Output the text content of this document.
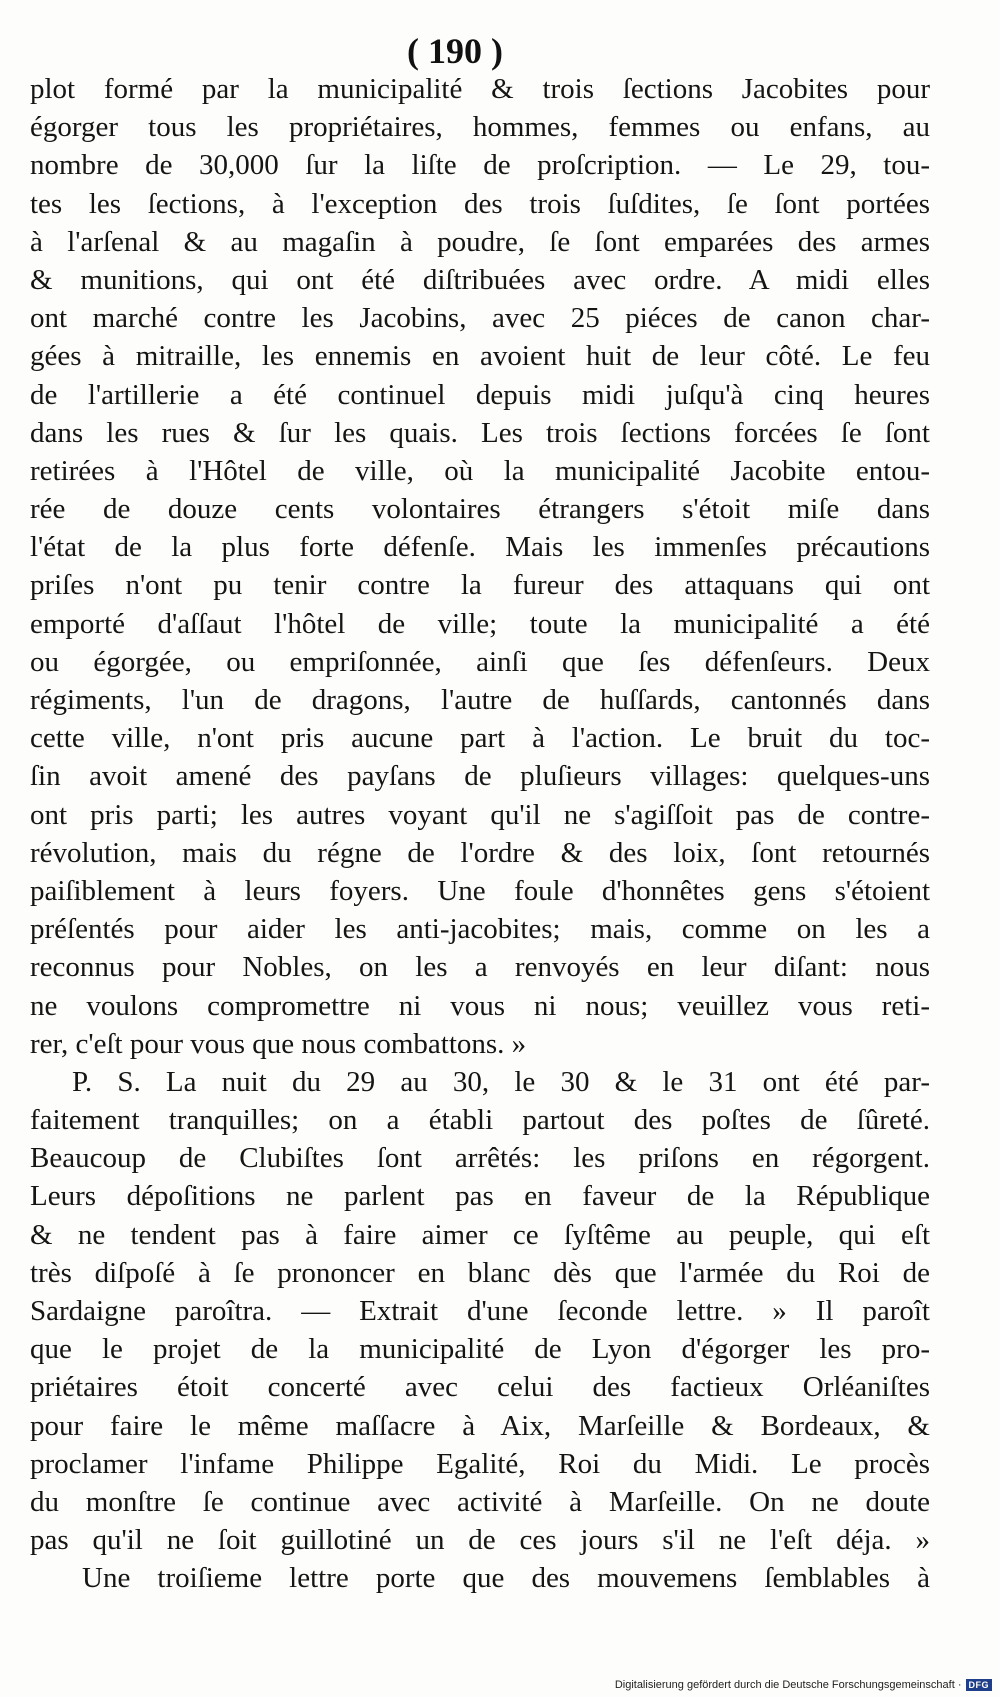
( 190 )
plot formé par la municipalité & trois ſections Jacobites pour
égorger tous les propriétaires, hommes, femmes ou enfans, au
nombre de 30,000 ſur la liſte de proſcription. — Le 29, tou-
tes les ſections, à l'exception des trois ſuſdites, ſe ſont portées
à l'arſenal & au magaſin à poudre, ſe ſont emparées des armes
& munitions, qui ont été diſtribuées avec ordre. A midi elles
ont marché contre les Jacobins, avec 25 piéces de canon char-
gées à mitraille, les ennemis en avoient huit de leur côté. Le feu
de l'artillerie a été continuel depuis midi juſqu'à cinq heures
dans les rues & ſur les quais. Les trois ſections forcées ſe ſont
retirées à l'Hôtel de ville, où la municipalité Jacobite entou-
rée de douze cents volontaires étrangers s'étoit miſe dans
l'état de la plus forte défenſe. Mais les immenſes précautions
priſes n'ont pu tenir contre la fureur des attaquans qui ont
emporté d'aſſaut l'hôtel de ville; toute la municipalité a été
ou égorgée, ou empriſonnée, ainſi que ſes défenſeurs. Deux
régiments, l'un de dragons, l'autre de huſſards, cantonnés dans
cette ville, n'ont pris aucune part à l'action. Le bruit du toc-
ſin avoit amené des payſans de pluſieurs villages: quelques-uns
ont pris parti; les autres voyant qu'il ne s'agiſſoit pas de contre-
révolution, mais du régne de l'ordre & des loix, ſont retournés
paiſiblement à leurs foyers. Une foule d'honnêtes gens s'étoient
préſentés pour aider les anti-jacobites; mais, comme on les a
reconnus pour Nobles, on les a renvoyés en leur diſant: nous
ne voulons compromettre ni vous ni nous; veuillez vous reti-
rer, c'eſt pour vous que nous combattons. »
P. S. La nuit du 29 au 30, le 30 & le 31 ont été par-
faitement tranquilles; on a établi partout des poſtes de ſûreté.
Beaucoup de Clubiſtes ſont arrêtés: les priſons en régorgent.
Leurs dépoſitions ne parlent pas en faveur de la République
& ne tendent pas à faire aimer ce ſyſtême au peuple, qui eſt
très diſpoſé à ſe prononcer en blanc dès que l'armée du Roi de
Sardaigne paroîtra. — Extrait d'une ſeconde lettre. » Il paroît
que le projet de la municipalité de Lyon d'égorger les pro-
priétaires étoit concerté avec celui des factieux Orléaniſtes
pour faire le même maſſacre à Aix, Marſeille & Bordeaux, &
proclamer l'infame Philippe Egalité, Roi du Midi. Le procès
du monſtre ſe continue avec activité à Marſeille. On ne doute
pas qu'il ne ſoit guillotiné un de ces jours s'il ne l'eſt déja. »
Une troiſieme lettre porte que des mouvemens ſemblables à
Digitalisierung gefördert durch die Deutsche Forschungsgemeinschaft · DFG
